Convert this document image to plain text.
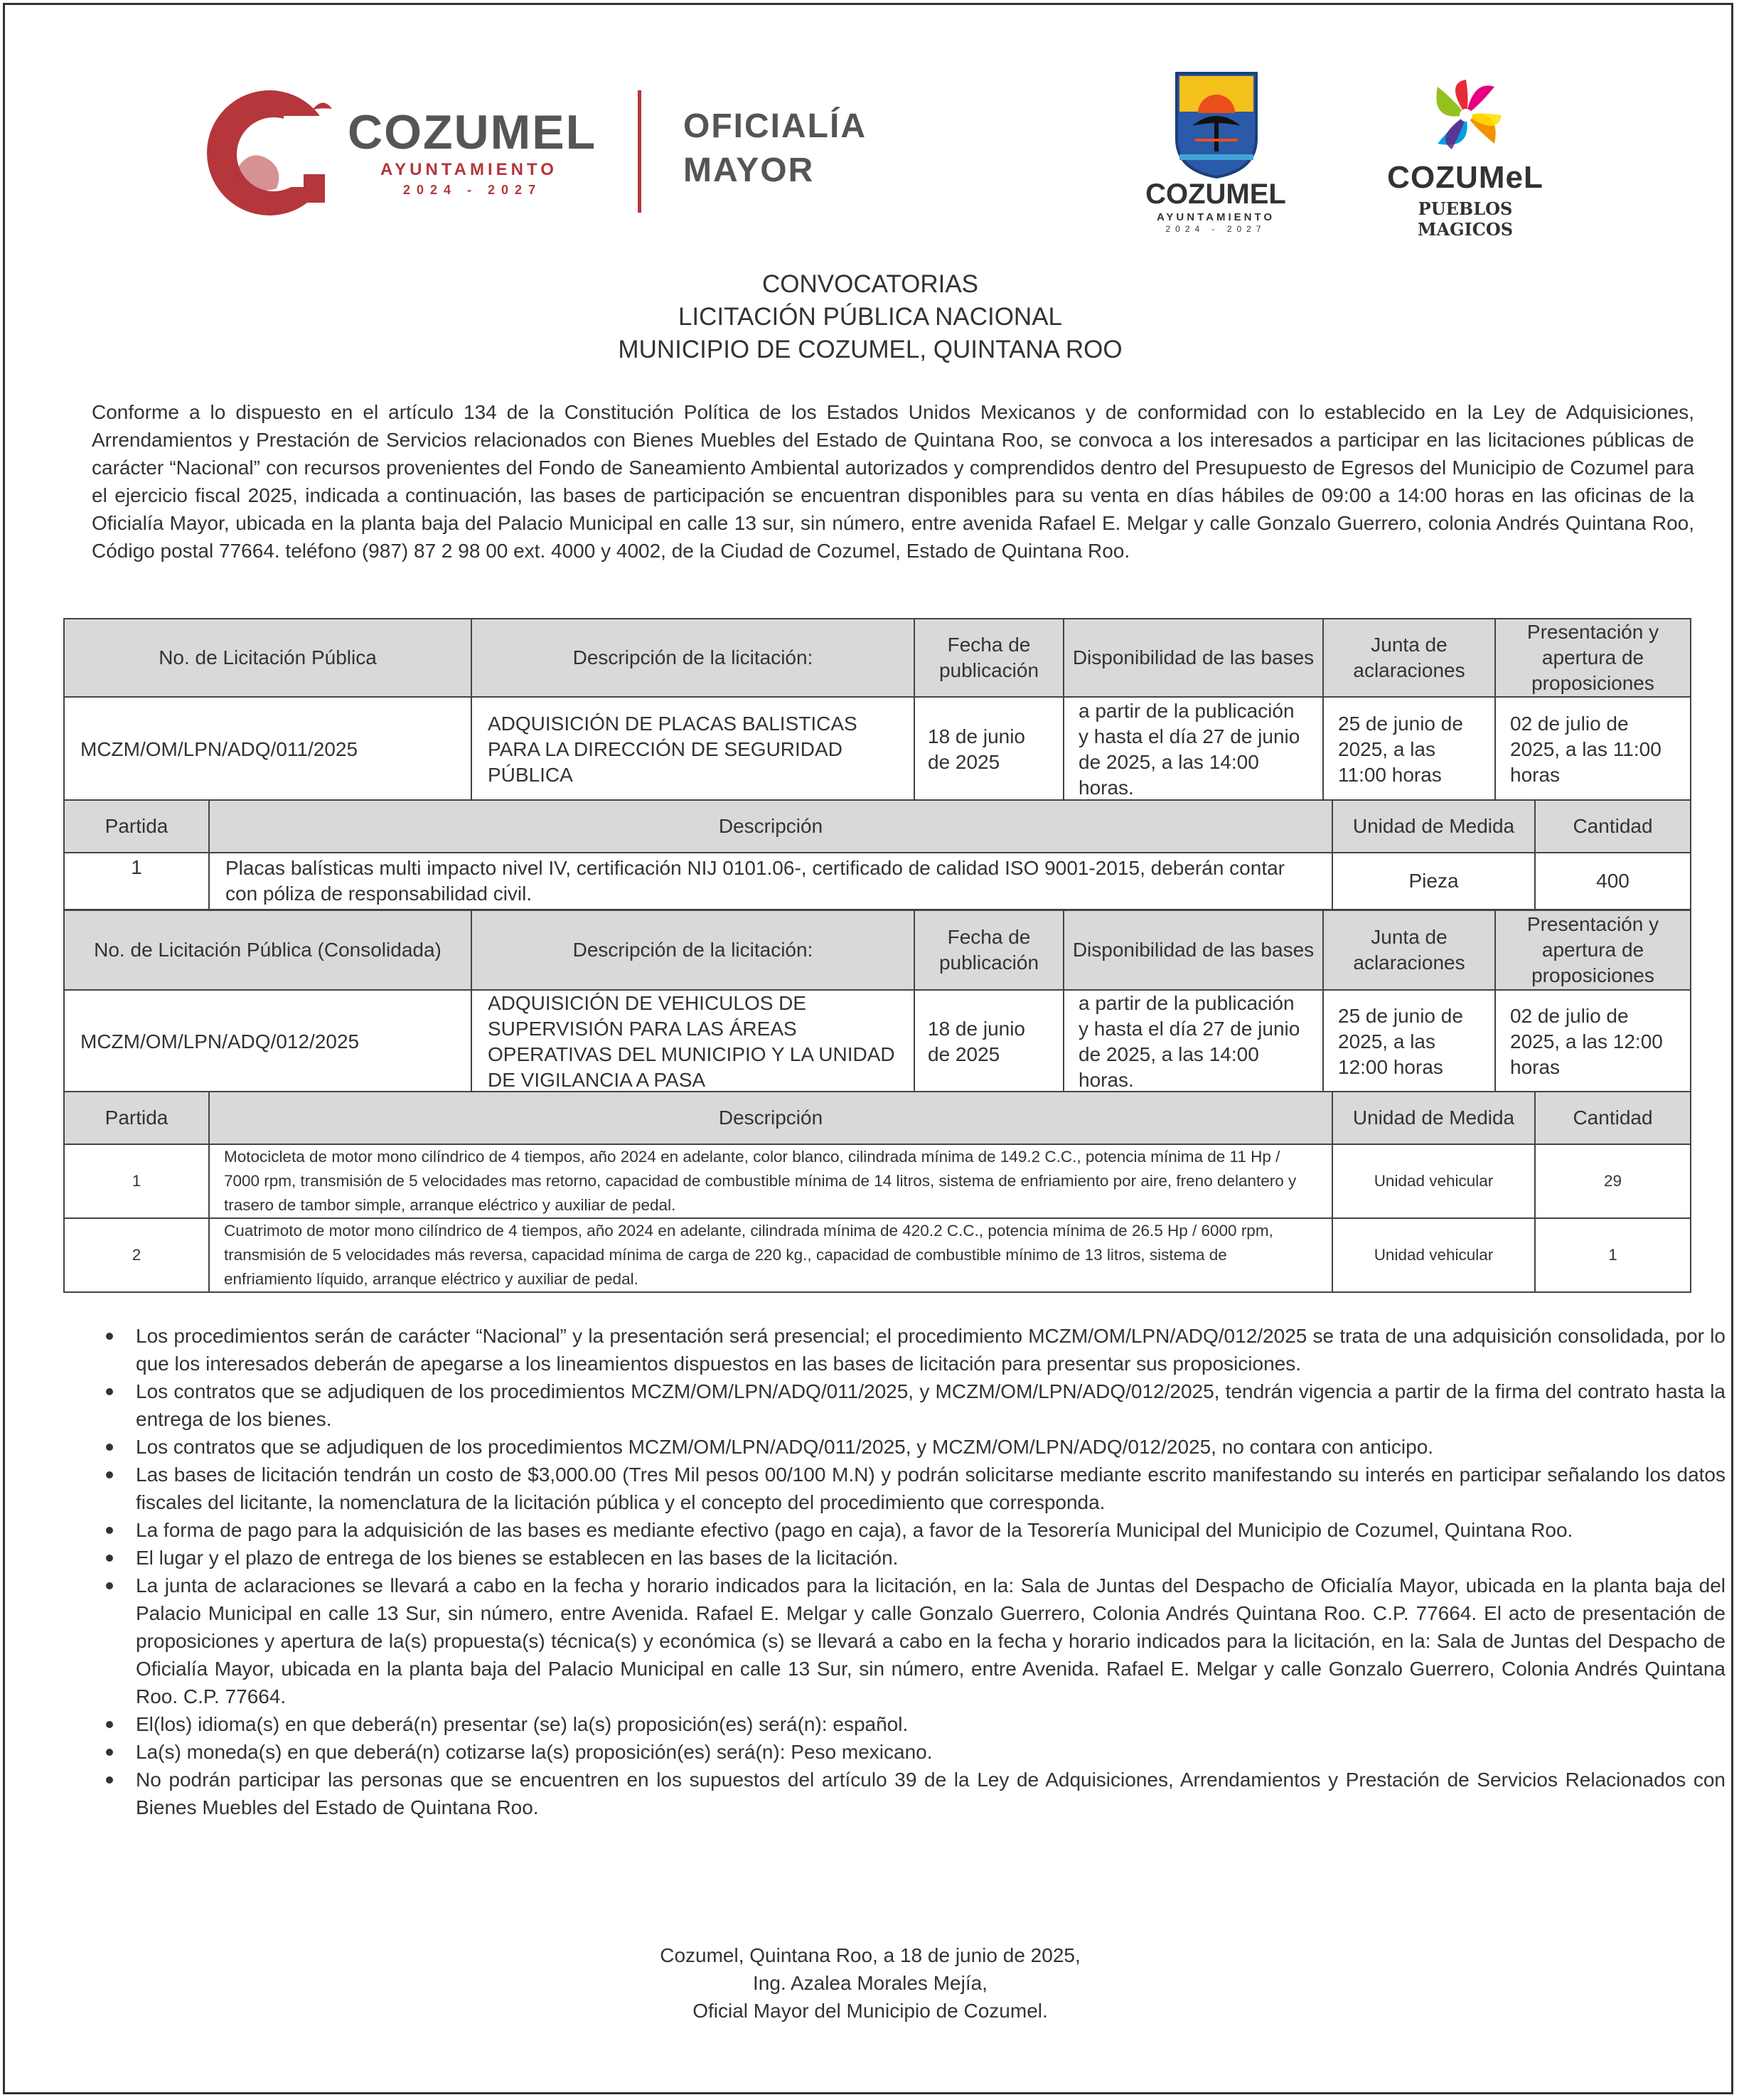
COZUMEL
AYUNTAMIENTO
2024 - 2027
OFICIALÍA
MAYOR
COZUMEL
AYUNTAMIENTO
2024 - 2027
COZUMeL
PUEBLOS MAGICOS
CONVOCATORIAS
LICITACIÓN PÚBLICA NACIONAL
MUNICIPIO DE COZUMEL, QUINTANA ROO

Conforme a lo dispuesto en el artículo 134 de la Constitución Política de los Estados Unidos Mexicanos y de conformidad con lo establecido en la Ley de Adquisiciones, Arrendamientos y Prestación de Servicios relacionados con Bienes Muebles del Estado de Quintana Roo, se convoca a los interesados a participar en las licitaciones públicas de carácter “Nacional” con recursos provenientes del Fondo de Saneamiento Ambiental autorizados y comprendidos dentro del Presupuesto de Egresos del Municipio de Cozumel para el ejercicio fiscal 2025, indicada a continuación, las bases de participación se encuentran disponibles para su venta en días hábiles de 09:00 a 14:00 horas en las oficinas de la Oficialía Mayor, ubicada en la planta baja del Palacio Municipal en calle 13 sur, sin número, entre avenida Rafael E. Melgar y calle Gonzalo Guerrero, colonia Andrés Quintana Roo, Código postal 77664. teléfono (987) 87 2 98 00 ext. 4000 y 4002, de la Ciudad de Cozumel, Estado de Quintana Roo.

No. de Licitación Pública	Descripción de la licitación:	Fecha de publicación	Disponibilidad de las bases	Junta de aclaraciones	Presentación y apertura de proposiciones
MCZM/OM/LPN/ADQ/011/2025	ADQUISICIÓN DE PLACAS BALISTICAS PARA LA DIRECCIÓN DE SEGURIDAD PÚBLICA	18 de junio de 2025	a partir de la publicación y hasta el día 27 de junio de 2025, a las 14:00 horas.	25 de junio de 2025, a las 11:00 horas	02 de julio de 2025, a las 11:00 horas
Partida	Descripción	Unidad de Medida	Cantidad
1	Placas balísticas multi impacto nivel IV, certificación NIJ 0101.06-, certificado de calidad ISO 9001-2015, deberán contar con póliza de responsabilidad civil.	Pieza	400
No. de Licitación Pública (Consolidada)	Descripción de la licitación:	Fecha de publicación	Disponibilidad de las bases	Junta de aclaraciones	Presentación y apertura de proposiciones
MCZM/OM/LPN/ADQ/012/2025	ADQUISICIÓN DE VEHICULOS DE SUPERVISIÓN PARA LAS ÁREAS OPERATIVAS DEL MUNICIPIO Y LA UNIDAD DE VIGILANCIA A PASA	18 de junio de 2025	a partir de la publicación y hasta el día 27 de junio de 2025, a las 14:00 horas.	25 de junio de 2025, a las 12:00 horas	02 de julio de 2025, a las 12:00 horas
Partida	Descripción	Unidad de Medida	Cantidad
1	Motocicleta de motor mono cilíndrico de 4 tiempos, año 2024 en adelante, color blanco, cilindrada mínima de 149.2 C.C., potencia mínima de 11 Hp / 7000 rpm, transmisión de 5 velocidades mas retorno, capacidad de combustible mínima de 14 litros, sistema de enfriamiento por aire, freno delantero y trasero de tambor simple, arranque eléctrico y auxiliar de pedal.	Unidad vehicular	29
2	Cuatrimoto de motor mono cilíndrico de 4 tiempos, año 2024 en adelante, cilindrada mínima de 420.2 C.C., potencia mínima de 26.5 Hp / 6000 rpm, transmisión de 5 velocidades más reversa, capacidad mínima de carga de 220 kg., capacidad de combustible mínimo de 13 litros, sistema de enfriamiento líquido, arranque eléctrico y auxiliar de pedal.	Unidad vehicular	1
Los procedimientos serán de carácter “Nacional” y la presentación será presencial; el procedimiento MCZM/OM/LPN/ADQ/012/2025 se trata de una adquisición consolidada, por lo que los interesados deberán de apegarse a los lineamientos dispuestos en las bases de licitación para presentar sus proposiciones.
Los contratos que se adjudiquen de los procedimientos MCZM/OM/LPN/ADQ/011/2025, y MCZM/OM/LPN/ADQ/012/2025, tendrán vigencia a partir de la firma del contrato hasta la entrega de los bienes.
Los contratos que se adjudiquen de los procedimientos MCZM/OM/LPN/ADQ/011/2025, y MCZM/OM/LPN/ADQ/012/2025, no contara con anticipo.
Las bases de licitación tendrán un costo de $3,000.00 (Tres Mil pesos 00/100 M.N) y podrán solicitarse mediante escrito manifestando su interés en participar señalando los datos fiscales del licitante, la nomenclatura de la licitación pública y el concepto del procedimiento que corresponda.
La forma de pago para la adquisición de las bases es mediante efectivo (pago en caja), a favor de la Tesorería Municipal del Municipio de Cozumel, Quintana Roo.
El lugar y el plazo de entrega de los bienes se establecen en las bases de la licitación.
La junta de aclaraciones se llevará a cabo en la fecha y horario indicados para la licitación, en la: Sala de Juntas del Despacho de Oficialía Mayor, ubicada en la planta baja del Palacio Municipal en calle 13 Sur, sin número, entre Avenida. Rafael E. Melgar y calle Gonzalo Guerrero, Colonia Andrés Quintana Roo. C.P. 77664. El acto de presentación de proposiciones y apertura de la(s) propuesta(s) técnica(s) y económica (s) se llevará a cabo en la fecha y horario indicados para la licitación, en la: Sala de Juntas del Despacho de Oficialía Mayor, ubicada en la planta baja del Palacio Municipal en calle 13 Sur, sin número, entre Avenida. Rafael E. Melgar y calle Gonzalo Guerrero, Colonia Andrés Quintana Roo. C.P. 77664.
El(los) idioma(s) en que deberá(n) presentar (se) la(s) proposición(es) será(n): español.
La(s) moneda(s) en que deberá(n) cotizarse la(s) proposición(es) será(n): Peso mexicano.
No podrán participar las personas que se encuentren en los supuestos del artículo 39 de la Ley de Adquisiciones, Arrendamientos y Prestación de Servicios Relacionados con Bienes Muebles del Estado de Quintana Roo.
Cozumel, Quintana Roo, a 18 de junio de 2025,
Ing. Azalea Morales Mejía,
Oficial Mayor del Municipio de Cozumel.
